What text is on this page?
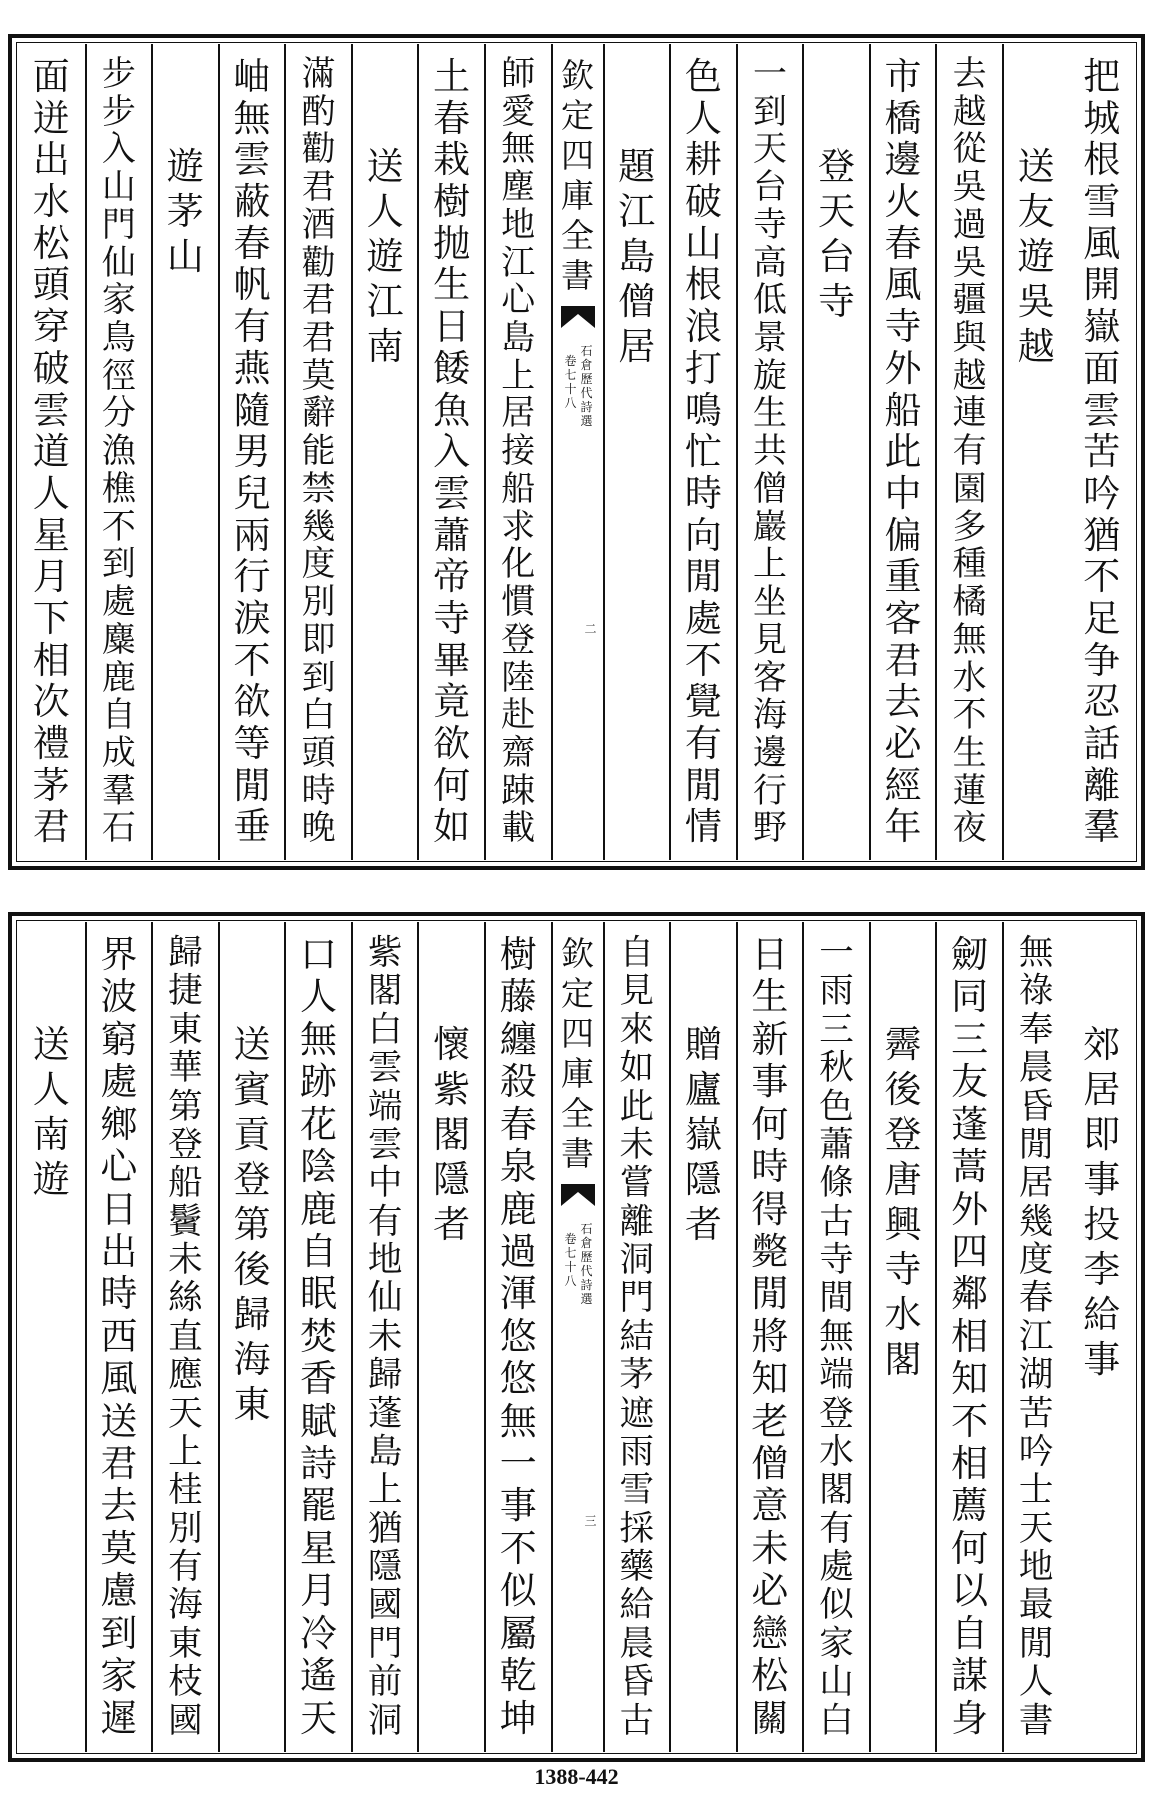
把
城
根
雪
風
開
嶽
面
雲
苦
吟
猶
不
足
争
忍
話
離
羣
送
友
遊
吳
越
去
越
從
吳
過
吳
疆
與
越
連
有
園
多
種
橘
無
水
不
生
蓮
夜
市
橋
邊
火
春
風
寺
外
船
此
中
偏
重
客
君
去
必
經
年
登
天
台
寺
一
到
天
台
寺
高
低
景
旋
生
共
僧
巖
上
坐
見
客
海
邊
行
野
色
人
耕
破
山
根
浪
打
鳴
忙
時
向
閒
處
不
覺
有
閒
情
題
江
島
僧
居
欽
定
四
庫
全
書
石
倉
歷
代
詩
選
卷
七
十
八
二
師
愛
無
塵
地
江
心
島
上
居
接
船
求
化
慣
登
陸
赴
齋
踈
載
土
春
栽
樹
抛
生
日
餧
魚
入
雲
蕭
帝
寺
畢
竟
欲
何
如
送
人
遊
江
南
滿
酌
勸
君
酒
勸
君
君
莫
辭
能
禁
幾
度
別
即
到
白
頭
時
晚
岫
無
雲
蔽
春
帆
有
燕
隨
男
兒
兩
行
淚
不
欲
等
閒
垂
遊
茅
山
步
步
入
山
門
仙
家
鳥
徑
分
漁
樵
不
到
處
麋
鹿
自
成
羣
石
面
迸
出
水
松
頭
穿
破
雲
道
人
星
月
下
相
次
禮
茅
君
郊
居
即
事
投
李
給
事
無
祿
奉
晨
昏
閒
居
幾
度
春
江
湖
苦
吟
士
天
地
最
閒
人
書
劒
同
三
友
蓬
蒿
外
四
鄰
相
知
不
相
薦
何
以
自
謀
身
霽
後
登
唐
興
寺
水
閣
一
雨
三
秋
色
蕭
條
古
寺
間
無
端
登
水
閣
有
處
似
家
山
白
日
生
新
事
何
時
得
斃
閒
將
知
老
僧
意
未
必
戀
松
關
贈
廬
嶽
隱
者
自
見
來
如
此
未
嘗
離
洞
門
結
茅
遮
雨
雪
採
藥
給
晨
昏
古
欽
定
四
庫
全
書
石
倉
歷
代
詩
選
卷
七
十
八
三
樹
藤
纏
殺
春
泉
鹿
過
渾
悠
悠
無
一
事
不
似
屬
乾
坤
懷
紫
閣
隱
者
紫
閣
白
雲
端
雲
中
有
地
仙
未
歸
蓬
島
上
猶
隱
國
門
前
洞
口
人
無
跡
花
陰
鹿
自
眠
焚
香
賦
詩
罷
星
月
冷
遙
天
送
賓
貢
登
第
後
歸
海
東
歸
捷
東
華
第
登
船
鬢
未
絲
直
應
天
上
桂
別
有
海
東
枝
國
界
波
窮
處
鄉
心
日
出
時
西
風
送
君
去
莫
慮
到
家
遲
送
人
南
遊
1388-442
